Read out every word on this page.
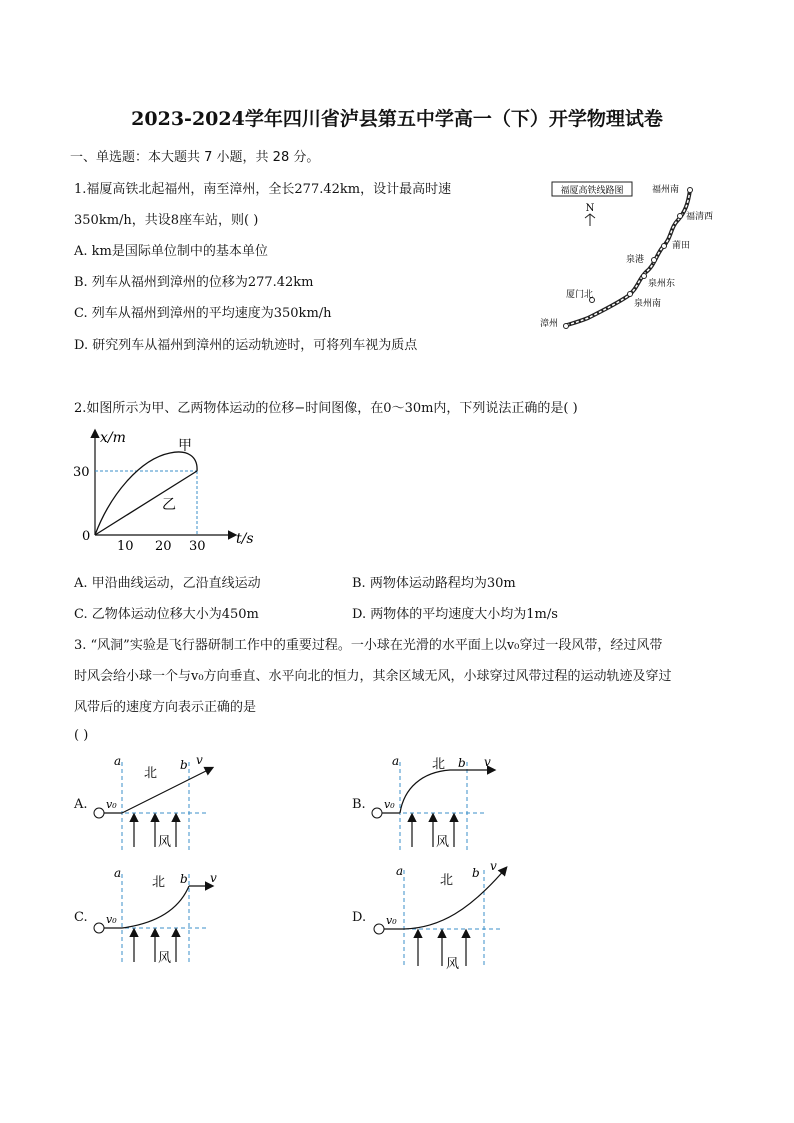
2023-2024学年四川省泸县第五中学高一（下）开学物理试卷
一、单选题：本大题共 7 小题，共 28 分。
1.福厦高铁北起福州，南至漳州，全长277.42km，设计最高时速
350km/h，共设8座车站，则( )
A. km是国际单位制中的基本单位
B. 列车从福州到漳州的位移为277.42km
C. 列车从福州到漳州的平均速度为350km/h
D. 研究列车从福州到漳州的运动轨迹时，可将列车视为质点
福厦高铁线路图
N
福州南
福清西
莆田
泉港
泉州东
泉州南
厦门北
漳州
2.如图所示为甲、乙两物体运动的位移−时间图像，在0～30m内，下列说法正确的是( )
x/m
t/s
0
30
10 20 30
甲
乙
A. 甲沿曲线运动，乙沿直线运动	B. 两物体运动路程均为30m
C. 乙物体运动位移大小为450m	D. 两物体的平均速度大小均为1m/s
3. “风洞”实验是飞行器研制工作中的重要过程。一小球在光滑的水平面上以v₀穿过一段风带，经过风带
时风会给小球一个与v₀方向垂直、水平向北的恒力，其余区域无风，小球穿过风带过程的运动轨迹及穿过
风带后的速度方向表示正确的是
( )
A.
a	b
北
v
v₀
风
B.
a	b
北	v
v₀
风
C.
a	b
北	v
v₀
风
D.
a	b
北
v
v₀
风
